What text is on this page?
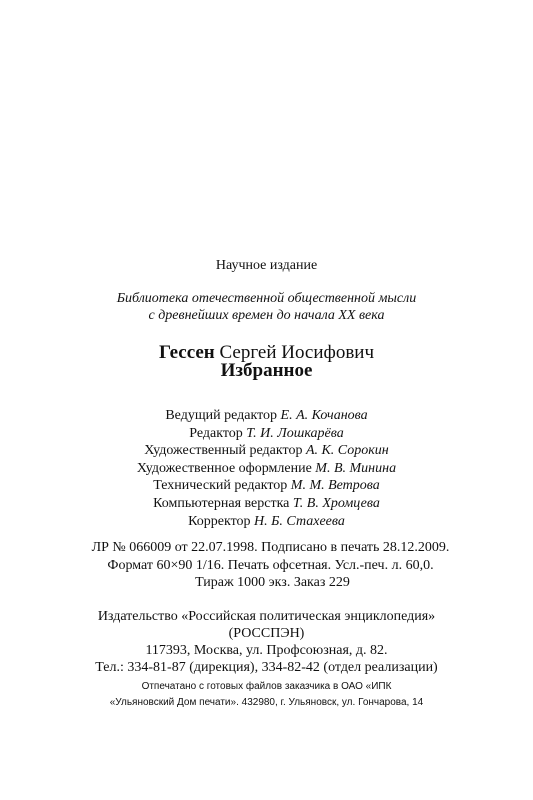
Научное издание
Библиотека отечественной общественной мысли
с древнейших времен до начала XX века
Гессен Сергей Иосифович
Избранное
Ведущий редактор Е. А. Кочанова
Редактор Т. И. Лошкарёва
Художественный редактор А. К. Сорокин
Художественное оформление М. В. Минина
Технический редактор М. М. Ветрова
Компьютерная верстка Т. В. Хромцева
Корректор Н. Б. Стахеева
ЛР № 066009 от 22.07.1998. Подписано в печать 28.12.2009.
Формат 60×90 1/16. Печать офсетная. Усл.-печ. л. 60,0.
Тираж 1000 экз. Заказ 229
Издательство «Российская политическая энциклопедия»
(РОССПЭН)
117393, Москва, ул. Профсоюзная, д. 82.
Тел.: 334-81-87 (дирекция), 334-82-42 (отдел реализации)
Отпечатано с готовых файлов заказчика в ОАО «ИПК
«Ульяновский Дом печати». 432980, г. Ульяновск, ул. Гончарова, 14
